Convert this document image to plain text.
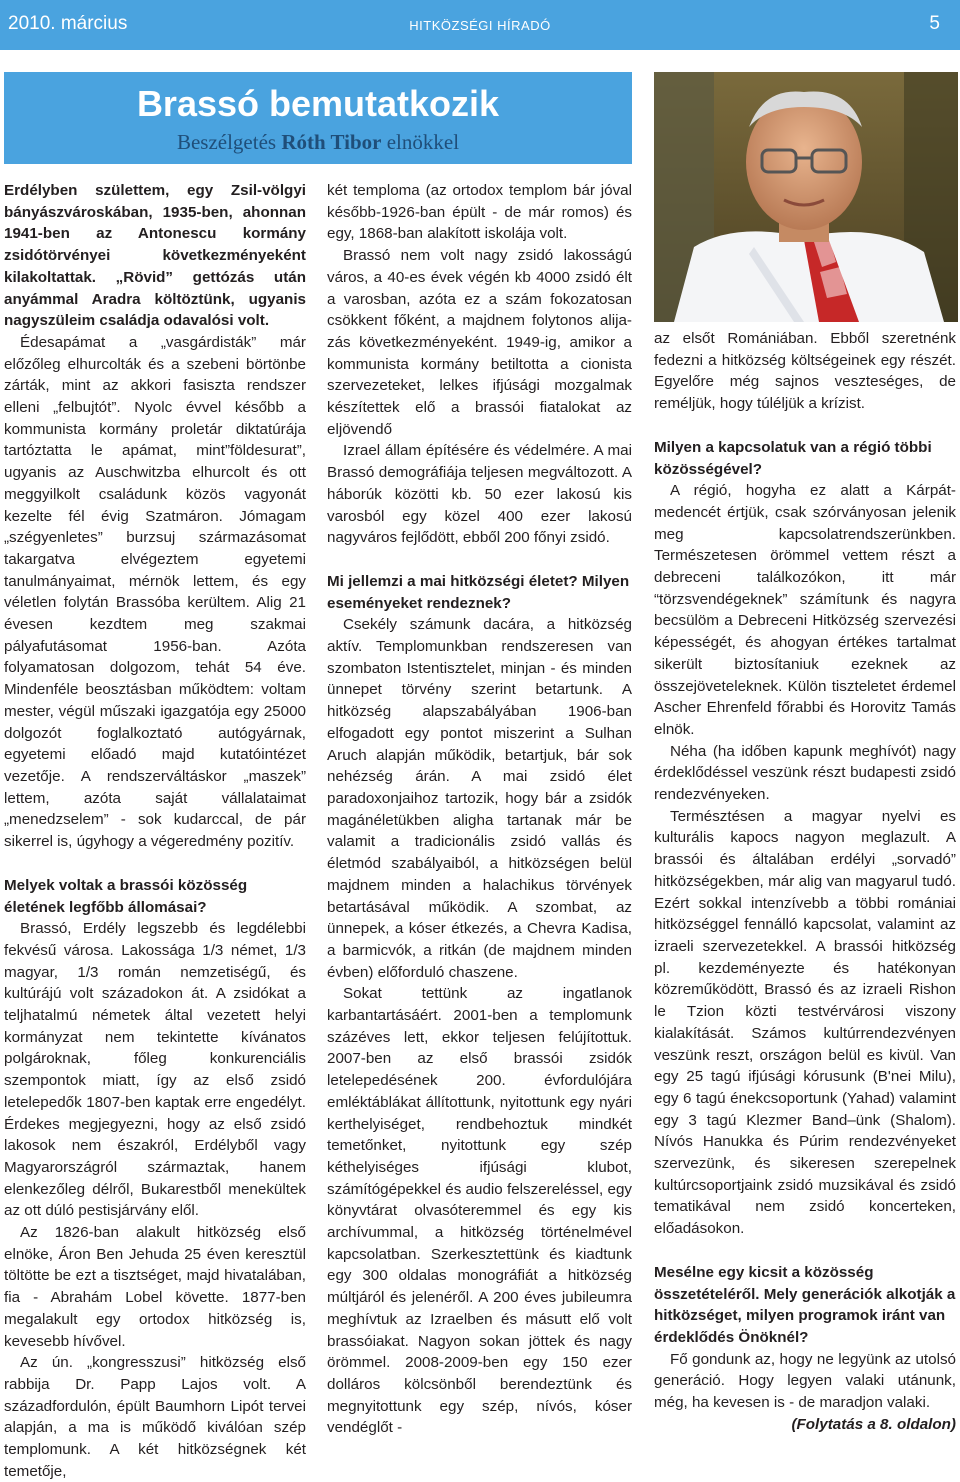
2010. március	HITKÖZSÉGI HÍRADÓ	5
Brassó bemutatkozik
Beszélgetés Róth Tibor elnökkel

Erdélyben születtem, egy Zsil-völgyi bányászvároskában, 1935-ben, ahonnan 1941-ben az Antonescu kormány zsidótörvényei következményeként kilakoltattak. „Rövid” gettózás után anyámmal Aradra költöztünk, ugyanis nagyszüleim családja odavalósi volt.

Édesapámat a „vasgárdisták” már előzőleg elhurcolták és a szebeni börtönbe zárták, mint az akkori fasiszta rendszer elleni „felbujtót”. Nyolc évvel később a kommunista kormány proletár diktatúrája tartóztatta le apámat, mint”földesurat”, ugyanis az Auschwitzba elhurcolt és ott meggyilkolt családunk közös vagyonát kezelte fél évig Szatmáron. Jómagam „szégyenletes” burzsuj származásomat takargatva elvégeztem egyetemi tanulmányaimat, mérnök lettem, és egy véletlen folytán Brassóba kerültem. Alig 21 évesen kezdtem meg szakmai pályafutásomat 1956-ban. Azóta folyamatosan dolgozom, tehát 54 éve. Mindenféle beosztásban működtem: voltam mester, végül műszaki igazgatója egy 25000 dolgozót foglalkoztató autógyárnak, egyetemi előadó majd kutatóintézet vezetője. A rendszerváltáskor „maszek” lettem, azóta saját vállalataimat „menedzselem” - sok kudarccal, de pár sikerrel is, úgyhogy a végeredmény pozitív.

Melyek voltak a brassói közösség életének legfőbb állomásai?

Brassó, Erdély legszebb és legdélebbi fekvésű városa. Lakossága 1/3 német, 1/3 magyar, 1/3 román nemzetiségű, és kultúrájú volt századokon át. A zsidókat a teljhatalmú németek által vezetett helyi kormányzat nem tekintette kívánatos polgároknak, főleg konkurenciális szempontok miatt, így az első zsidó letelepedők 1807-ben kaptak erre engedélyt. Érdekes megjegyezni, hogy az első zsidó lakosok nem északról, Erdélyből vagy Magyarországról származtak, hanem elenkezőleg délről, Bukarestből menekültek az ott dúló pestisjárvány elől.

Az 1826-ban alakult hitközség első elnöke, Áron Ben Jehuda 25 éven keresztül töltötte be ezt a tisztséget, majd hivatalában, fia - Abrahám Lobel követte. 1877-ben megalakult egy ortodox hitközség is, kevesebb hívővel.

Az ún. „kongresszusi” hitközség első rabbija Dr. Papp Lajos volt. A századfordulón, épült Baumhorn Lipót tervei alapján, a ma is működő kiválóan szép templomunk. A két hitközségnek két temetője,

két temploma (az ortodox templom bár jóval később-1926-ban épült - de már romos) és egy, 1868-ban alakított iskolája volt.

Brassó nem volt nagy zsidó lakosságú város, a 40-es évek végén kb 4000 zsidó élt a varosban, azóta ez a szám fokozatosan csökkent főként, a majdnem folytonos alija-zás következményeként. 1949-ig, amikor a kommunista kormány betiltotta a cionista szervezeteket, lelkes ifjúsági mozgalmak készítettek elő a brassói fiatalokat az eljövendő

Izrael állam építésére és védelmére. A mai Brassó demográfiája teljesen megváltozott. A háborúk közötti kb. 50 ezer lakosú kis varosból egy közel 400 ezer lakosú nagyváros fejlődött, ebből 200 főnyi zsidó.

Mi jellemzi a mai hitközségi életet? Milyen eseményeket rendeznek?

Csekély számunk dacára, a hitközség aktív. Templomunkban rendszeresen van szombaton Istentisztelet, minjan - és minden ünnepet törvény szerint betartunk. A hitközség alapszabályában 1906-ban elfogadott egy pontot miszerint a Sulhan Aruch alapján működik, betartjuk, bár sok nehézség árán. A mai zsidó élet paradoxonjaihoz tartozik, hogy bár a zsidók magánéletükben aligha tartanak már be valamit a tradicionális zsidó vallás és életmód szabályaiból, a hitközségen belül majdnem minden a halachikus törvények betartásával működik. A szombat, az ünnepek, a kóser étkezés, a Chevra Kadisa, a barmicvók, a ritkán (de majdnem minden évben) előforduló chaszene.

Sokat tettünk az ingatlanok karbantartásáért. 2001-ben a templomunk százéves lett, ekkor teljesen felújítottuk. 2007-ben az első brassói zsidók letelepedésének 200. évfordulójára emléktáblákat állítottunk, nyitottunk egy nyári kerthelyiséget, rendbehoztuk mindkét temetőnket, nyitottunk egy szép kéthelyiséges ifjúsági klubot, számítógépekkel és audio felszereléssel, egy könyvtárat olvasóteremmel és egy kis archívummal, a hitközség történelmével kapcsolatban. Szerkesztettünk és kiadtunk egy 300 oldalas monográfiát a hitközség múltjáról és jelenéről. A 200 éves jubileumra meghívtuk az Izraelben és másutt elő volt brassóiakat. Nagyon sokan jöttek és nagy örömmel. 2008-2009-ben egy 150 ezer dolláros kölcsönből berendeztünk és megnyitottunk egy szép, nívós, kóser vendéglőt -

az elsőt Romániában. Ebből szeretnénk fedezni a hitközség költségeinek egy részét. Egyelőre még sajnos veszteséges, de reméljük, hogy túléljük a krízist.

Milyen a kapcsolatuk van a régió többi közösségével?

A régió, hogyha ez alatt a Kárpát-medencét értjük, csak szórványosan jelenik meg kapcsolatrendszerünkben. Természetesen örömmel vettem részt a debreceni találkozókon, itt már “törzsvendégeknek” számítunk és nagyra becsülöm a Debreceni Hitközség szervezési képességét, és ahogyan értékes tartalmat sikerült biztosítaniuk ezeknek az összejöveteleknek. Külön tiszteletet érdemel Ascher Ehrenfeld főrabbi és Horovitz Tamás elnök.

Néha (ha időben kapunk meghívót) nagy érdeklődéssel veszünk részt budapesti zsidó rendezvényeken.

Természtésen a magyar nyelvi es kulturális kapocs nagyon meglazult. A brassói és általában erdélyi „sorvadó” hitközségekben, már alig van magyarul tudó. Ezért sokkal intenzívebb a többi romániai hitközséggel fennálló kapcsolat, valamint az izraeli szervezetekkel. A brassói hitközség pl. kezdeményezte és hatékonyan közreműködött, Brassó és az izraeli Rishon le Tzion közti testvérvárosi viszony kialakítását. Számos kultúrrendezvényen veszünk reszt, országon belül es kivül. Van egy 25 tagú ifjúsági kórusunk (B'nei Milu), egy 6 tagú énekcsoportunk (Yahad) valamint egy 3 tagú Klezmer Band–ünk (Shalom). Nívós Hanukka és Púrim rendezvényeket szervezünk, és sikeresen szerepelnek kultúrcsoportjaink zsidó muzsikával és zsidó tematikával nem zsidó koncerteken, előadásokon.

Mesélne egy kicsit a közösség összetételéről. Mely generációk alkotják a hitközséget, milyen programok iránt van érdeklődés Önöknél?

Fő gondunk az, hogy ne legyünk az utolsó generáció. Hogy legyen valaki utánunk, még, ha kevesen is - de maradjon valaki.

(Folytatás a 8. oldalon)
